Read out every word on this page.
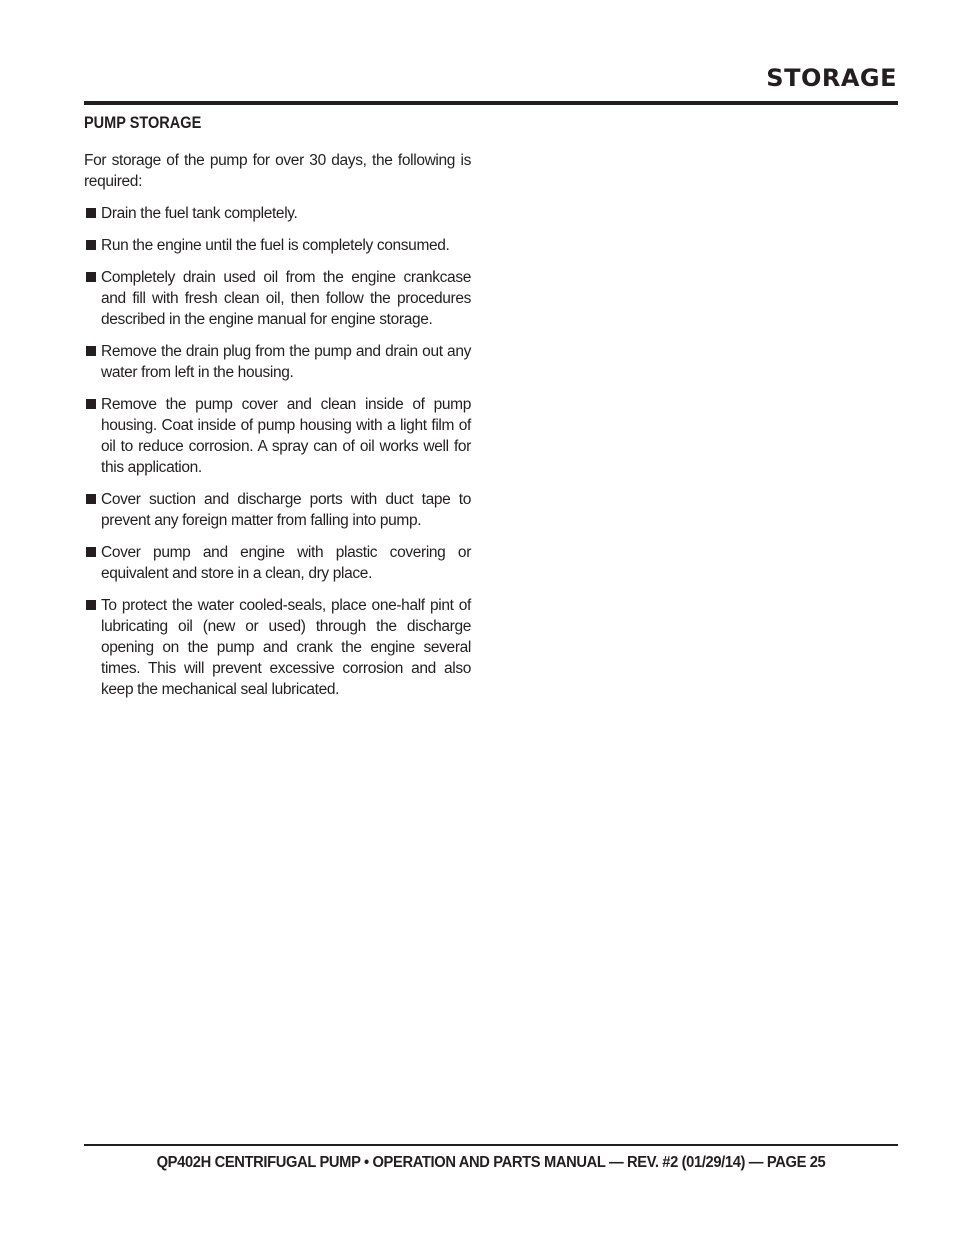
STORAGE
PUMP STORAGE

For storage of the pump for over 30 days, the following is required:

Drain the fuel tank completely.
Run the engine until the fuel is completely consumed.
Completely drain used oil from the engine crankcase and fill with fresh clean oil, then follow the procedures described in the engine manual for engine storage.
Remove the drain plug from the pump and drain out any water from left in the housing.
Remove the pump cover and clean inside of pump housing. Coat inside of pump housing with a light film of oil to reduce corrosion. A spray can of oil works well for this application.
Cover suction and discharge ports with duct tape to prevent any foreign matter from falling into pump.
Cover pump and engine with plastic covering or equivalent and store in a clean, dry place.
To protect the water cooled-seals, place one-half pint of lubricating oil (new or used) through the discharge opening on the pump and crank the engine several times. This will prevent excessive corrosion and also keep the mechanical seal lubricated.
QP402H CENTRIFUGAL PUMP • OPERATION AND PARTS MANUAL — REV. #2 (01/29/14) — PAGE 25
